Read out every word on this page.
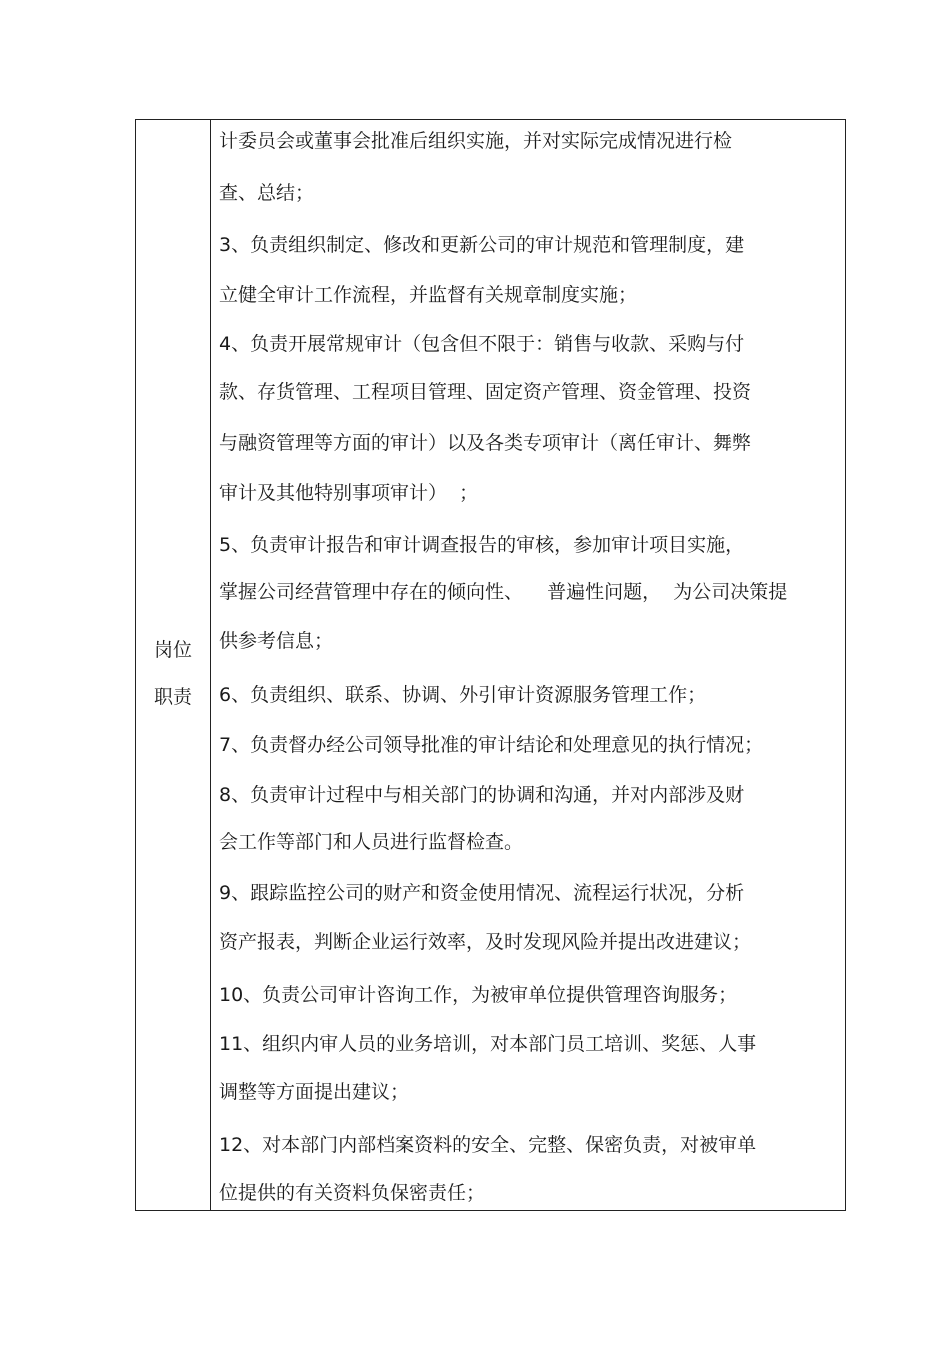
岗位
职责
计委员会或董事会批准后组织实施，并对实际完成情况进行检
查、总结；
3、负责组织制定、修改和更新公司的审计规范和管理制度，建
立健全审计工作流程，并监督有关规章制度实施；
4、负责开展常规审计（包含但不限于：销售与收款、采购与付
款、存货管理、工程项目管理、固定资产管理、资金管理、投资
与融资管理等方面的审计）以及各类专项审计（离任审计、舞弊
审计及其他特别事项审计）  ；
5、负责审计报告和审计调查报告的审核，参加审计项目实施，
掌握公司经营管理中存在的倾向性、    普遍性问题，  为公司决策提
供参考信息；
6、负责组织、联系、协调、外引审计资源服务管理工作；
7、负责督办经公司领导批准的审计结论和处理意见的执行情况；
8、负责审计过程中与相关部门的协调和沟通，并对内部涉及财
会工作等部门和人员进行监督检查。
9、跟踪监控公司的财产和资金使用情况、流程运行状况，分析
资产报表，判断企业运行效率，及时发现风险并提出改进建议；
10、负责公司审计咨询工作，为被审单位提供管理咨询服务；
11、组织内审人员的业务培训，对本部门员工培训、奖惩、人事
调整等方面提出建议；
12、对本部门内部档案资料的安全、完整、保密负责，对被审单
位提供的有关资料负保密责任；
